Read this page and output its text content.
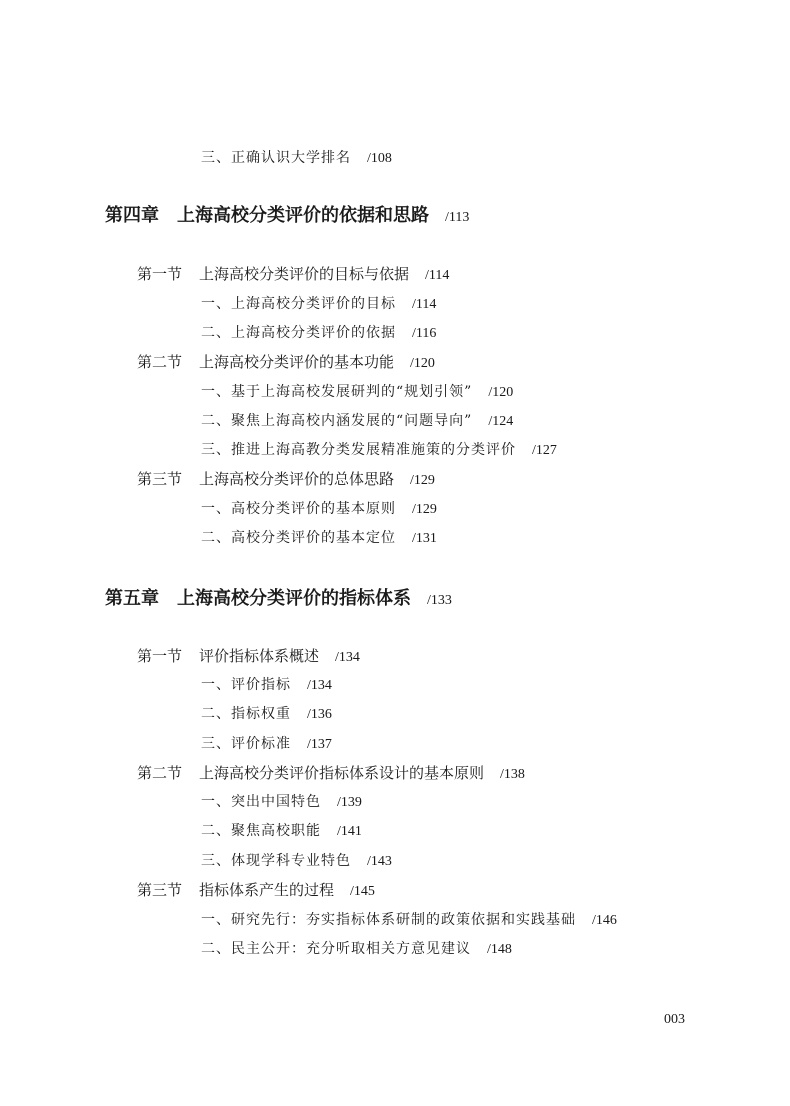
三、正确认识大学排名 /108
第四章 上海高校分类评价的依据和思路 /113
第一节 上海高校分类评价的目标与依据 /114
一、上海高校分类评价的目标 /114
二、上海高校分类评价的依据 /116
第二节 上海高校分类评价的基本功能 /120
一、基于上海高校发展研判的“规划引领” /120
二、聚焦上海高校内涵发展的“问题导向” /124
三、推进上海高教分类发展精准施策的分类评价 /127
第三节 上海高校分类评价的总体思路 /129
一、高校分类评价的基本原则 /129
二、高校分类评价的基本定位 /131
第五章 上海高校分类评价的指标体系 /133
第一节 评价指标体系概述 /134
一、评价指标 /134
二、指标权重 /136
三、评价标准 /137
第二节 上海高校分类评价指标体系设计的基本原则 /138
一、突出中国特色 /139
二、聚焦高校职能 /141
三、体现学科专业特色 /143
第三节 指标体系产生的过程 /145
一、研究先行：夯实指标体系研制的政策依据和实践基础 /146
二、民主公开：充分听取相关方意见建议 /148
003
